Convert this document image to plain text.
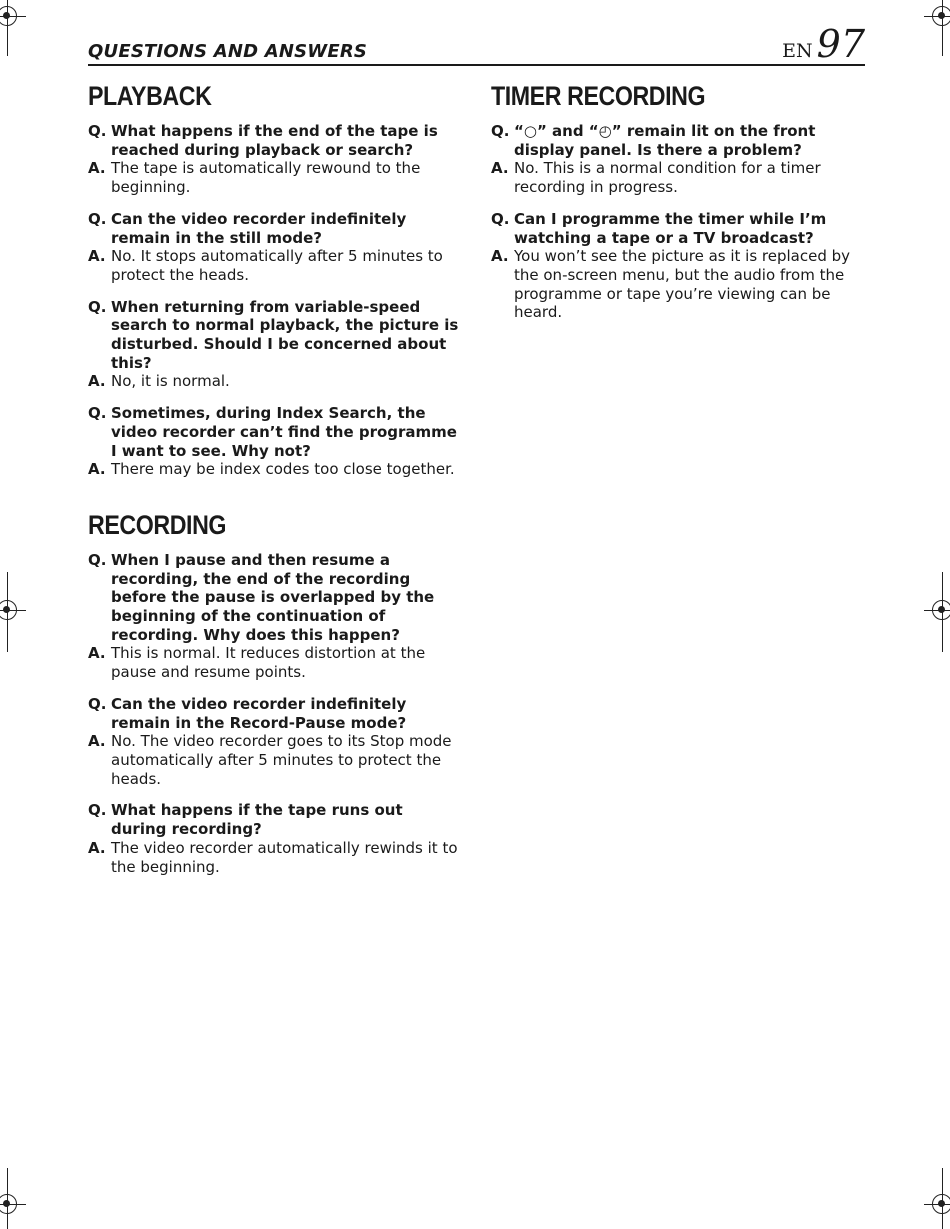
QUESTIONS AND ANSWERS	EN 97
PLAYBACK
Q. What happens if the end of the tape is reached during playback or search?
A. The tape is automatically rewound to the beginning.
Q. Can the video recorder indefinitely remain in the still mode?
A. No. It stops automatically after 5 minutes to protect the heads.
Q. When returning from variable-speed search to normal playback, the picture is disturbed. Should I be concerned about this?
A. No, it is normal.
Q. Sometimes, during Index Search, the video recorder can’t find the programme I want to see. Why not?
A. There may be index codes too close together.
RECORDING
Q. When I pause and then resume a recording, the end of the recording before the pause is overlapped by the beginning of the continuation of recording. Why does this happen?
A. This is normal. It reduces distortion at the pause and resume points.
Q. Can the video recorder indefinitely remain in the Record-Pause mode?
A. No. The video recorder goes to its Stop mode automatically after 5 minutes to protect the heads.
Q. What happens if the tape runs out during recording?
A. The video recorder automatically rewinds it to the beginning.
TIMER RECORDING
Q. “○” and “◴” remain lit on the front display panel. Is there a problem?
A. No. This is a normal condition for a timer recording in progress.
Q. Can I programme the timer while I’m watching a tape or a TV broadcast?
A. You won’t see the picture as it is replaced by the on-screen menu, but the audio from the programme or tape you’re viewing can be heard.
